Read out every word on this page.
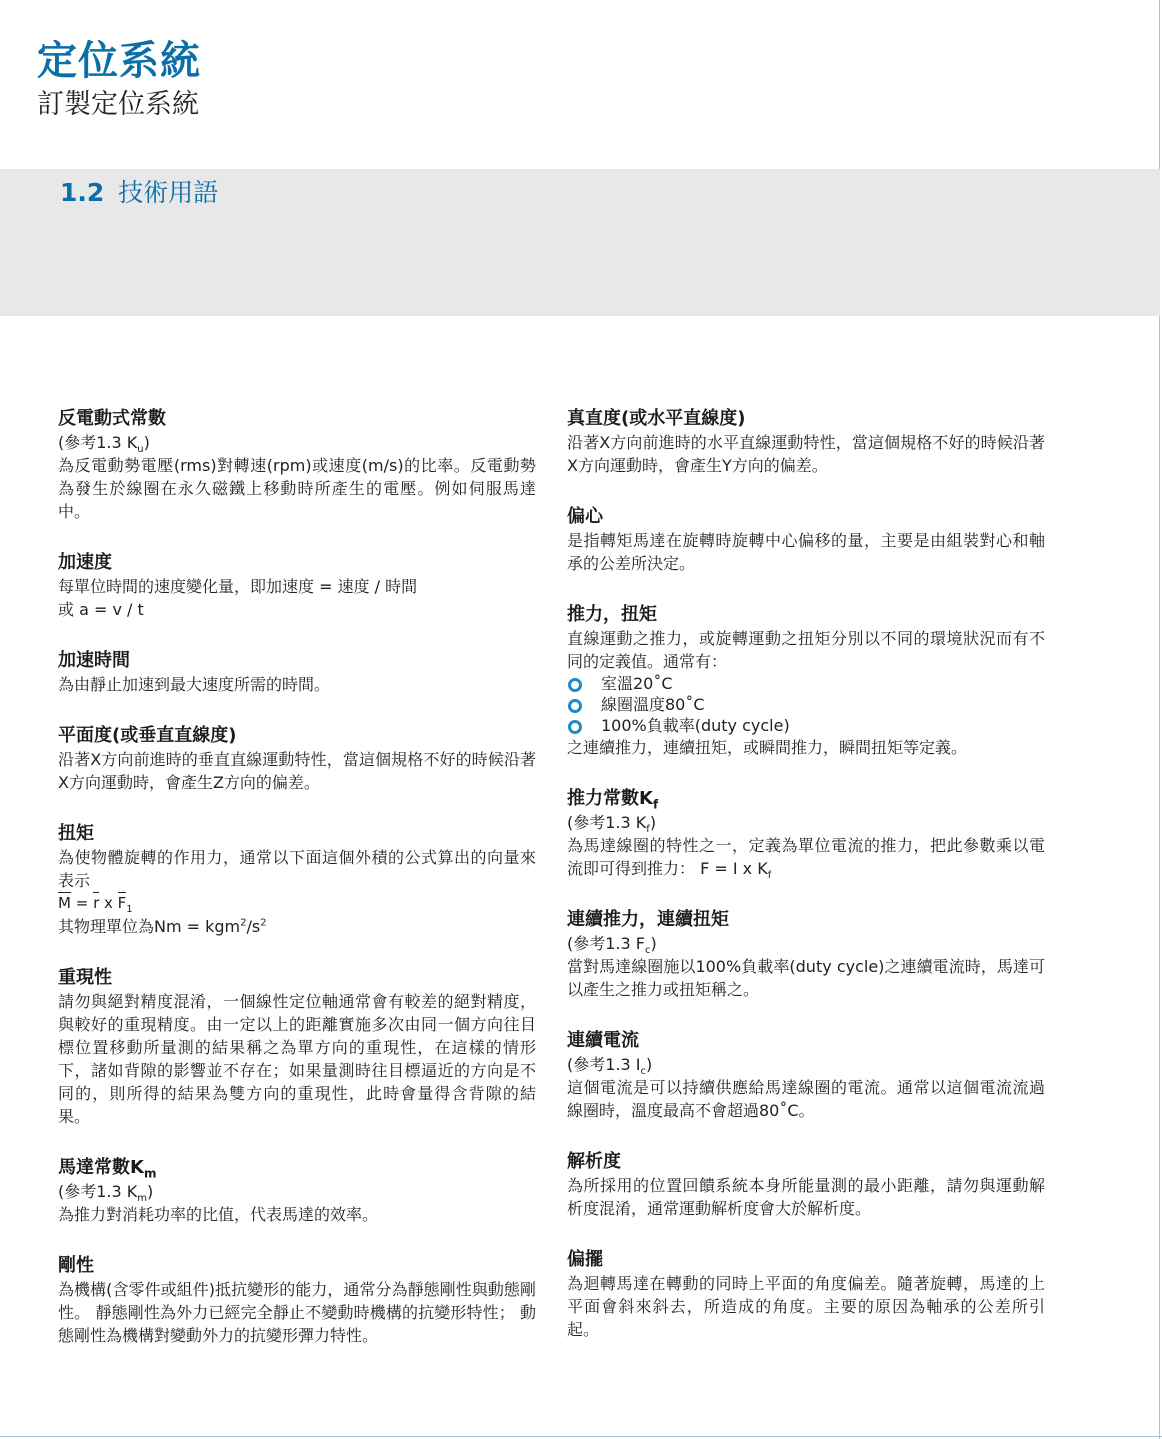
定位系統
訂製定位系統
1.2 技術用語
反電動式常數
(參考1.3 $K_u$)
為反電動勢電壓(rms)對轉速(rpm)或速度(m/s)的比率。反電動勢為發生於線圈在永久磁鐵上移動時所產生的電壓。例如伺服馬達中。
加速度
每單位時間的速度變化量，即加速度 = 速度 / 時間
或 a = v / t
加速時間
為由靜止加速到最大速度所需的時間。
平面度(或垂直直線度)
沿著X方向前進時的垂直直線運動特性，當這個規格不好的時候沿著X方向運動時，會產生Z方向的偏差。
扭矩
為使物體旋轉的作用力，通常以下面這個外積的公式算出的向量來表示
M = r x $F_1$
其物理單位為$Nm = kgm^2/s^2$
重現性
請勿與絕對精度混淆，一個線性定位軸通常會有較差的絕對精度，與較好的重現精度。由一定以上的距離實施多次由同一個方向往目標位置移動所量測的結果稱之為單方向的重現性，在這樣的情形下，諸如背隙的影響並不存在；如果量測時往目標逼近的方向是不同的，則所得的結果為雙方向的重現性，此時會量得含背隙的結果。
馬達常數$K_m$
(參考1.3 $K_m$)
為推力對消耗功率的比值，代表馬達的效率。
剛性
為機構(含零件或組件)抵抗變形的能力，通常分為靜態剛性與動態剛性。 靜態剛性為外力已經完全靜止不變動時機構的抗變形特性； 動態剛性為機構對變動外力的抗變形彈力特性。
真直度(或水平直線度)
沿著X方向前進時的水平直線運動特性，當這個規格不好的時候沿著X方向運動時，會產生Y方向的偏差。
偏心
是指轉矩馬達在旋轉時旋轉中心偏移的量，主要是由組裝對心和軸承的公差所決定。
推力，扭矩
直線運動之推力，或旋轉運動之扭矩分別以不同的環境狀況而有不同的定義值。通常有：
室溫20˚C
線圈溫度80˚C
100%負載率(duty cycle)
之連續推力，連續扭矩，或瞬間推力，瞬間扭矩等定義。
推力常數$K_f$
(參考1.3 $K_f$)
為馬達線圈的特性之一，定義為單位電流的推力，把此參數乘以電流即可得到推力： F = I x $K_f$
連續推力，連續扭矩
(參考1.3 $F_c$)
當對馬達線圈施以100%負載率(duty cycle)之連續電流時，馬達可以產生之推力或扭矩稱之。
連續電流
(參考1.3 $I_c$)
這個電流是可以持續供應給馬達線圈的電流。通常以這個電流流過線圈時，溫度最高不會超過80˚C。
解析度
為所採用的位置回饋系統本身所能量測的最小距離，請勿與運動解析度混淆，通常運動解析度會大於解析度。
偏擺
為迴轉馬達在轉動的同時上平面的角度偏差。隨著旋轉，馬達的上平面會斜來斜去，所造成的角度。主要的原因為軸承的公差所引起。
